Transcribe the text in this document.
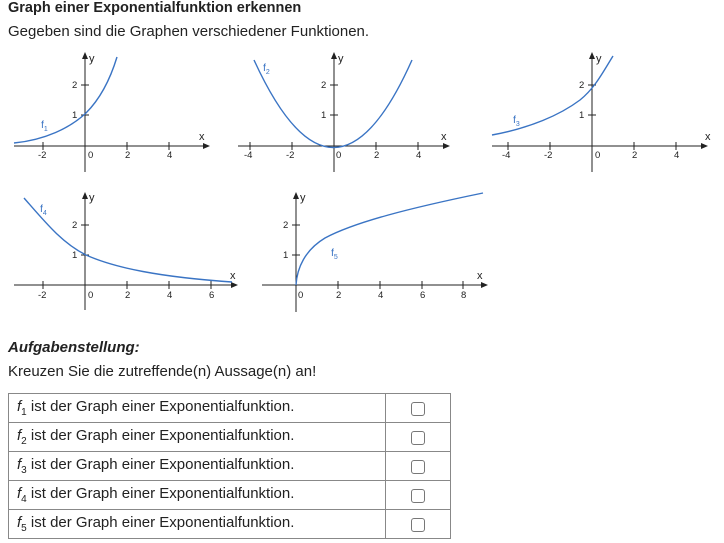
Graph einer Exponentialfunktion erkennen
Gegeben sind die Graphen verschiedener Funktionen.
-2	0	2	4
1
2
x
y
$f_1$
-4	-2	0	2	4
1
2
x
y
$f_2$
-4	-2	0	2	4
1
2
x
y
$f_3$
-2	0	2	4	6
1
2
x
y
$f_4$
0	2	4	6	8
1
2
x
y
$f_5$
Aufgabenstellung:
Kreuzen Sie die zutreffende(n) Aussage(n) an!
$f_1$ ist der Graph einer Exponentialfunktion.	
$f_2$ ist der Graph einer Exponentialfunktion.	
$f_3$ ist der Graph einer Exponentialfunktion.	
$f_4$ ist der Graph einer Exponentialfunktion.	
$f_5$ ist der Graph einer Exponentialfunktion.	
